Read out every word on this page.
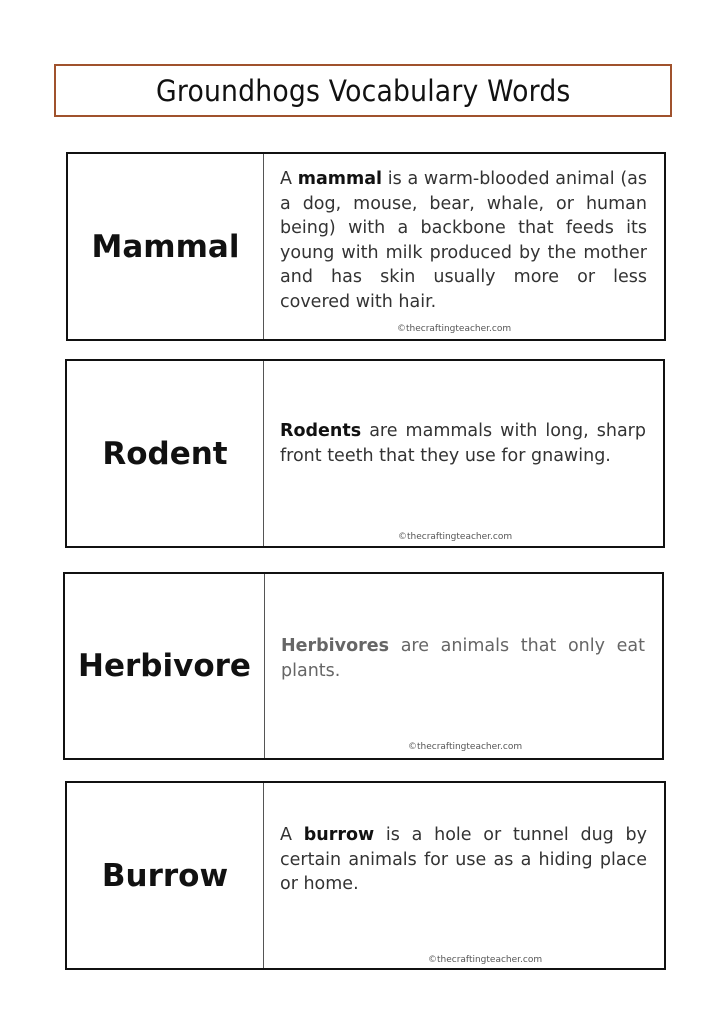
Groundhogs Vocabulary Words
Mammal

A mammal is a warm-blooded animal (as a dog, mouse, bear, whale, or human being) with a backbone that feeds its young with milk produced by the mother and has skin usually more or less covered with hair.

©thecraftingteacher.com
Rodent

Rodents are mammals with long, sharp front teeth that they use for gnawing.

©thecraftingteacher.com
Herbivore

Herbivores are animals that only eat plants.

©thecraftingteacher.com
Burrow

A burrow is a hole or tunnel dug by certain animals for use as a hiding place or home.

©thecraftingteacher.com
